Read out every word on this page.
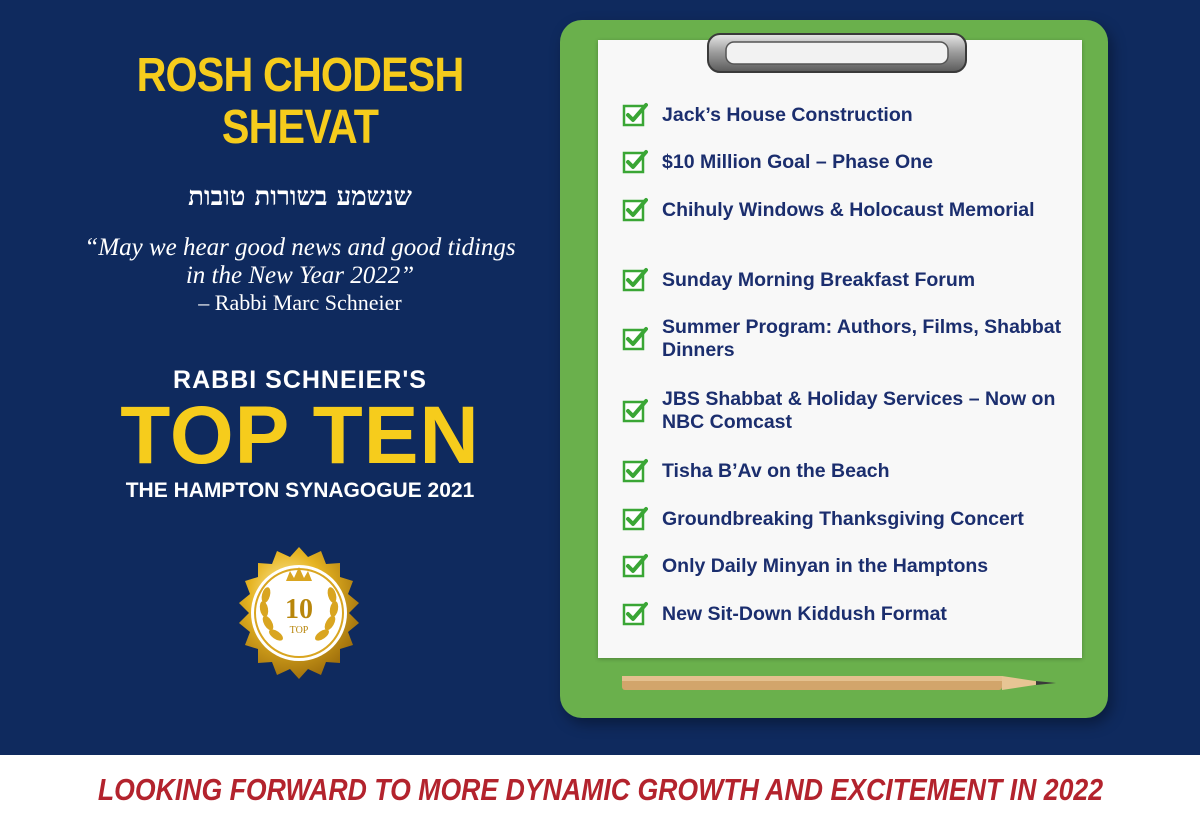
ROSH CHODESH
SHEVAT
שנשמע בשורות טובות
“May we hear good news and good tidings
in the New Year 2022”
– Rabbi Marc Schneier
RABBI SCHNEIER'S
TOP TEN
THE HAMPTON SYNAGOGUE 2021
10
TOP
Jack’s House Construction
$10 Million Goal – Phase One
Chihuly Windows & Holocaust Memorial
Sunday Morning Breakfast Forum
Summer Program: Authors, Films, Shabbat Dinners
JBS Shabbat & Holiday Services – Now on NBC Comcast
Tisha B’Av on the Beach
Groundbreaking Thanksgiving Concert
Only Daily Minyan in the Hamptons
New Sit-Down Kiddush Format
LOOKING FORWARD TO MORE DYNAMIC GROWTH AND EXCITEMENT IN 2022
